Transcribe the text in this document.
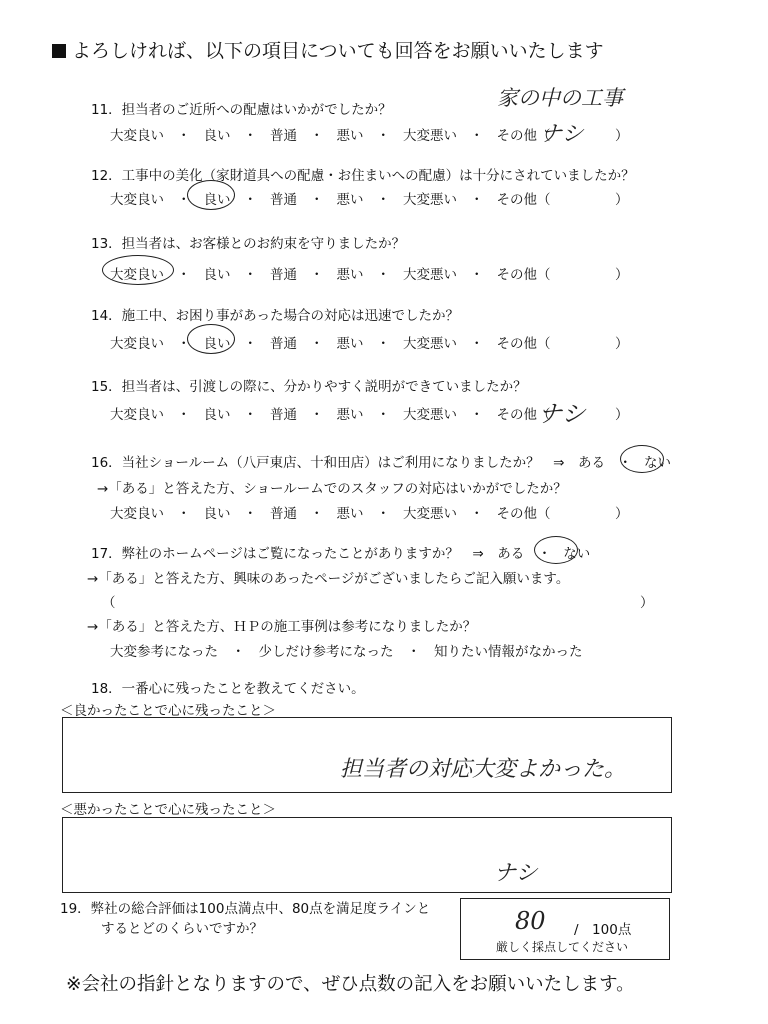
よろしければ、以下の項目についても回答をお願いいたします
家の中の工事
11．担当者のご近所への配慮はいかがでしたか？
大変良い ・ 良い ・ 普通 ・ 悪い ・ 大変悪い ・ その他（
ナシ ）
12．工事中の美化（家財道具への配慮・お住まいへの配慮）は十分にされていましたか？
大変良い ・ 良い ・ 普通 ・ 悪い ・ 大変悪い ・ その他（	）
13．担当者は、お客様とのお約束を守りましたか？
大変良い ・ 良い ・ 普通 ・ 悪い ・ 大変悪い ・ その他（	）
14．施工中、お困り事があった場合の対応は迅速でしたか？
大変良い ・ 良い ・ 普通 ・ 悪い ・ 大変悪い ・ その他（	）
15．担当者は、引渡しの際に、分かりやすく説明ができていましたか？
大変良い ・ 良い ・ 普通 ・ 悪い ・ 大変悪い ・ その他（
ナシ ）
16．当社ショールーム（八戸東店、十和田店）はご利用になりましたか？　⇒　ある　・ ない
→「ある」と答えた方、ショールームでのスタッフの対応はいかがでしたか？
大変良い ・ 良い ・ 普通 ・ 悪い ・ 大変悪い ・ その他（	）
17．弊社のホームページはご覧になったことがありますか？　⇒　ある　・ ない
→「ある」と答えた方、興味のあったページがございましたらご記入願います。
（	）
→「ある」と答えた方、ＨＰの施工事例は参考になりましたか？
大変参考になった　・　少しだけ参考になった　・　知りたい情報がなかった
18．一番心に残ったことを教えてください。
＜良かったことで心に残ったこと＞
担当者の対応大変よかった。
＜悪かったことで心に残ったこと＞
ナシ
19．弊社の総合評価は100点満点中、80点を満足度ラインと
するとどのくらいですか？	80 /　100点
厳しく採点してください
※会社の指針となりますので、ぜひ点数の記入をお願いいたします。
